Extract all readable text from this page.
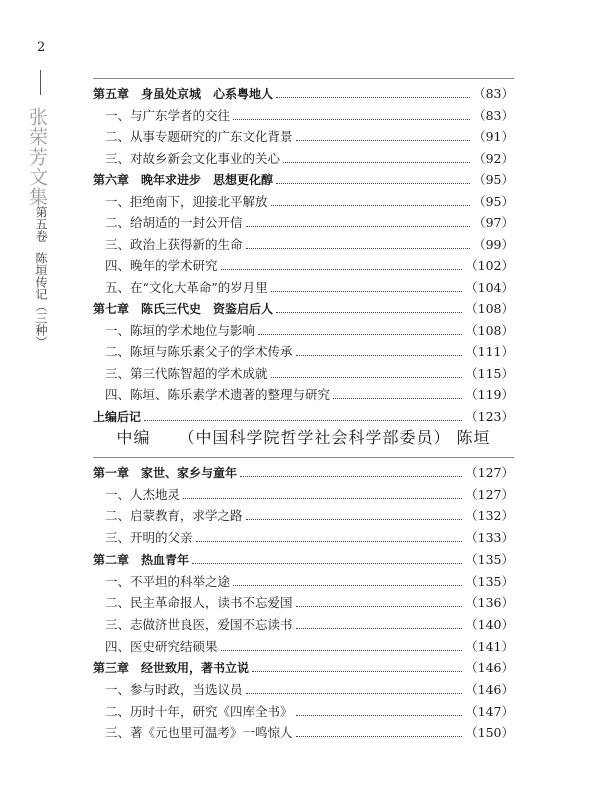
2
张荣芳文集
第五卷陈垣传记（三种）
第五章　身虽处京城　心系粤地人	（83）
一、与广东学者的交往	（83）
二、从事专题研究的广东文化背景	（91）
三、对故乡新会文化事业的关心	（92）
第六章　晚年求进步　思想更化醇	（95）
一、拒绝南下，迎接北平解放	（95）
二、给胡适的一封公开信	（97）
三、政治上获得新的生命	（99）
四、晚年的学术研究	（102）
五、在“文化大革命”的岁月里	（104）
第七章　陈氏三代史　资鉴启后人	（108）
一、陈垣的学术地位与影响	（108）
二、陈垣与陈乐素父子的学术传承	（111）
三、第三代陈智超的学术成就	（115）
四、陈垣、陈乐素学术遗著的整理与研究	（119）
上编后记	（123）
中编 （中国科学院哲学社会科学部委员） 陈垣
第一章　家世、家乡与童年	（127）
一、人杰地灵	（127）
二、启蒙教育，求学之路	（132）
三、开明的父亲	（133）
第二章　热血青年	（135）
一、不平坦的科举之途	（135）
二、民主革命报人，读书不忘爱国	（136）
三、志做济世良医，爱国不忘读书	（140）
四、医史研究结硕果	（141）
第三章　经世致用，著书立说	（146）
一、参与时政，当选议员	（146）
二、历时十年，研究《四库全书》	（147）
三、著《元也里可温考》一鸣惊人	（150）
